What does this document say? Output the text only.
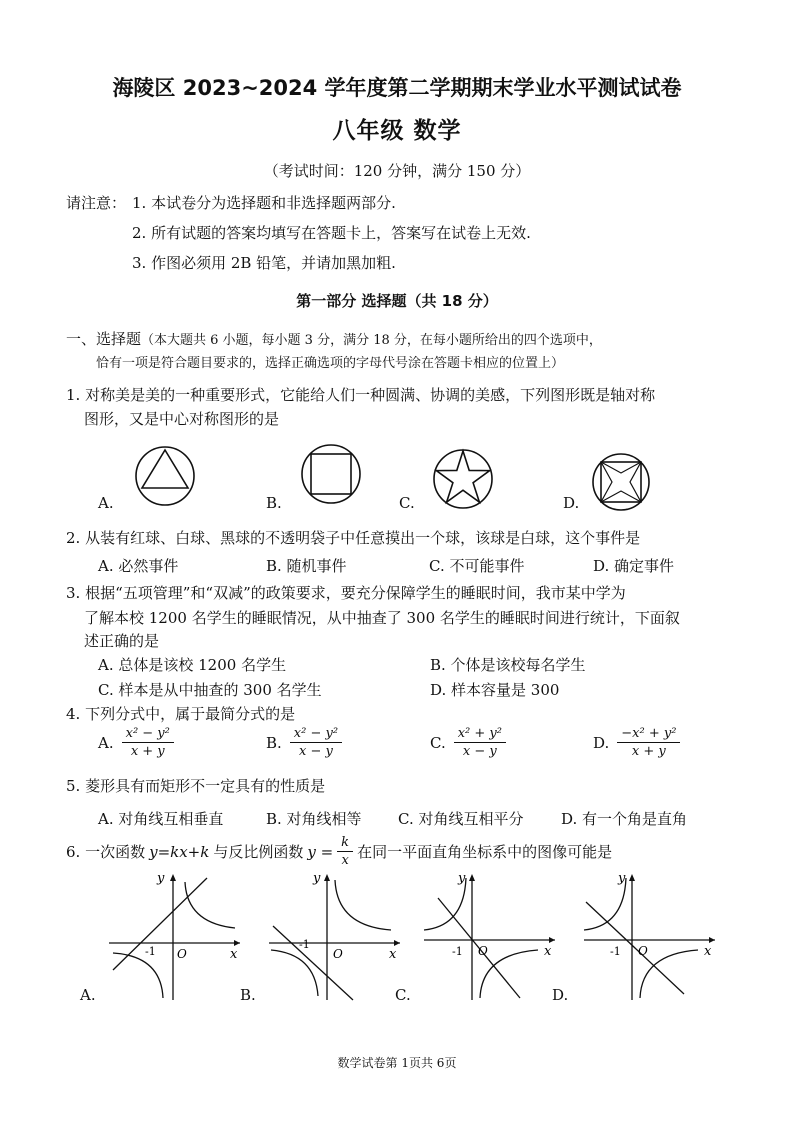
海陵区 2023~2024 学年度第二学期期末学业水平测试试卷
八年级 数学
（考试时间：120 分钟，满分 150 分）
请注意： 1. 本试卷分为选择题和非选择题两部分.
2. 所有试题的答案均填写在答题卡上，答案写在试卷上无效.
3. 作图必须用 2B 铅笔，并请加黑加粗.
第一部分 选择题（共 18 分）
一、选择题（本大题共 6 小题，每小题 3 分，满分 18 分，在每小题所给出的四个选项中，
恰有一项是符合题目要求的，选择正确选项的字母代号涂在答题卡相应的位置上）
1. 对称美是美的一种重要形式，它能给人们一种圆满、协调的美感，下列图形既是轴对称
图形，又是中心对称图形的是
A.	B.	C.	D.
2. 从装有红球、白球、黑球的不透明袋子中任意摸出一个球，该球是白球，这个事件是
A. 必然事件	B. 随机事件	C. 不可能事件	D. 确定事件
3. 根据“五项管理”和“双减”的政策要求，要充分保障学生的睡眠时间，我市某中学为
了解本校 1200 名学生的睡眠情况，从中抽查了 300 名学生的睡眠时间进行统计，下面叙
述正确的是
A. 总体是该校 1200 名学生	B. 个体是该校每名学生
C. 样本是从中抽查的 300 名学生	D. 样本容量是 300
4. 下列分式中，属于最简分式的是
A. $\frac{\text{x² − y²}}{x + y}$	B. $\frac{\text{x² − y²}}{x - y}$	C. $\frac{\text{x² + y²}}{x - y}$	D. $\frac{\text{−x² + y²}}{x + y}$
5. 菱形具有而矩形不一定具有的性质是
A. 对角线互相垂直	B. 对角线相等 C. 对角线互相平分	D. 有一个角是直角
6. 一次函数 y=kx+k 与反比例函数 $y = \frac{k}{x}$ 在同一平面直角坐标系中的图像可能是
y
x
O
-1
A.
y
x
O
-1
B.
y
x
O
-1
C.
y
x
O
-1
D.
数学试卷第 1页共 6页
